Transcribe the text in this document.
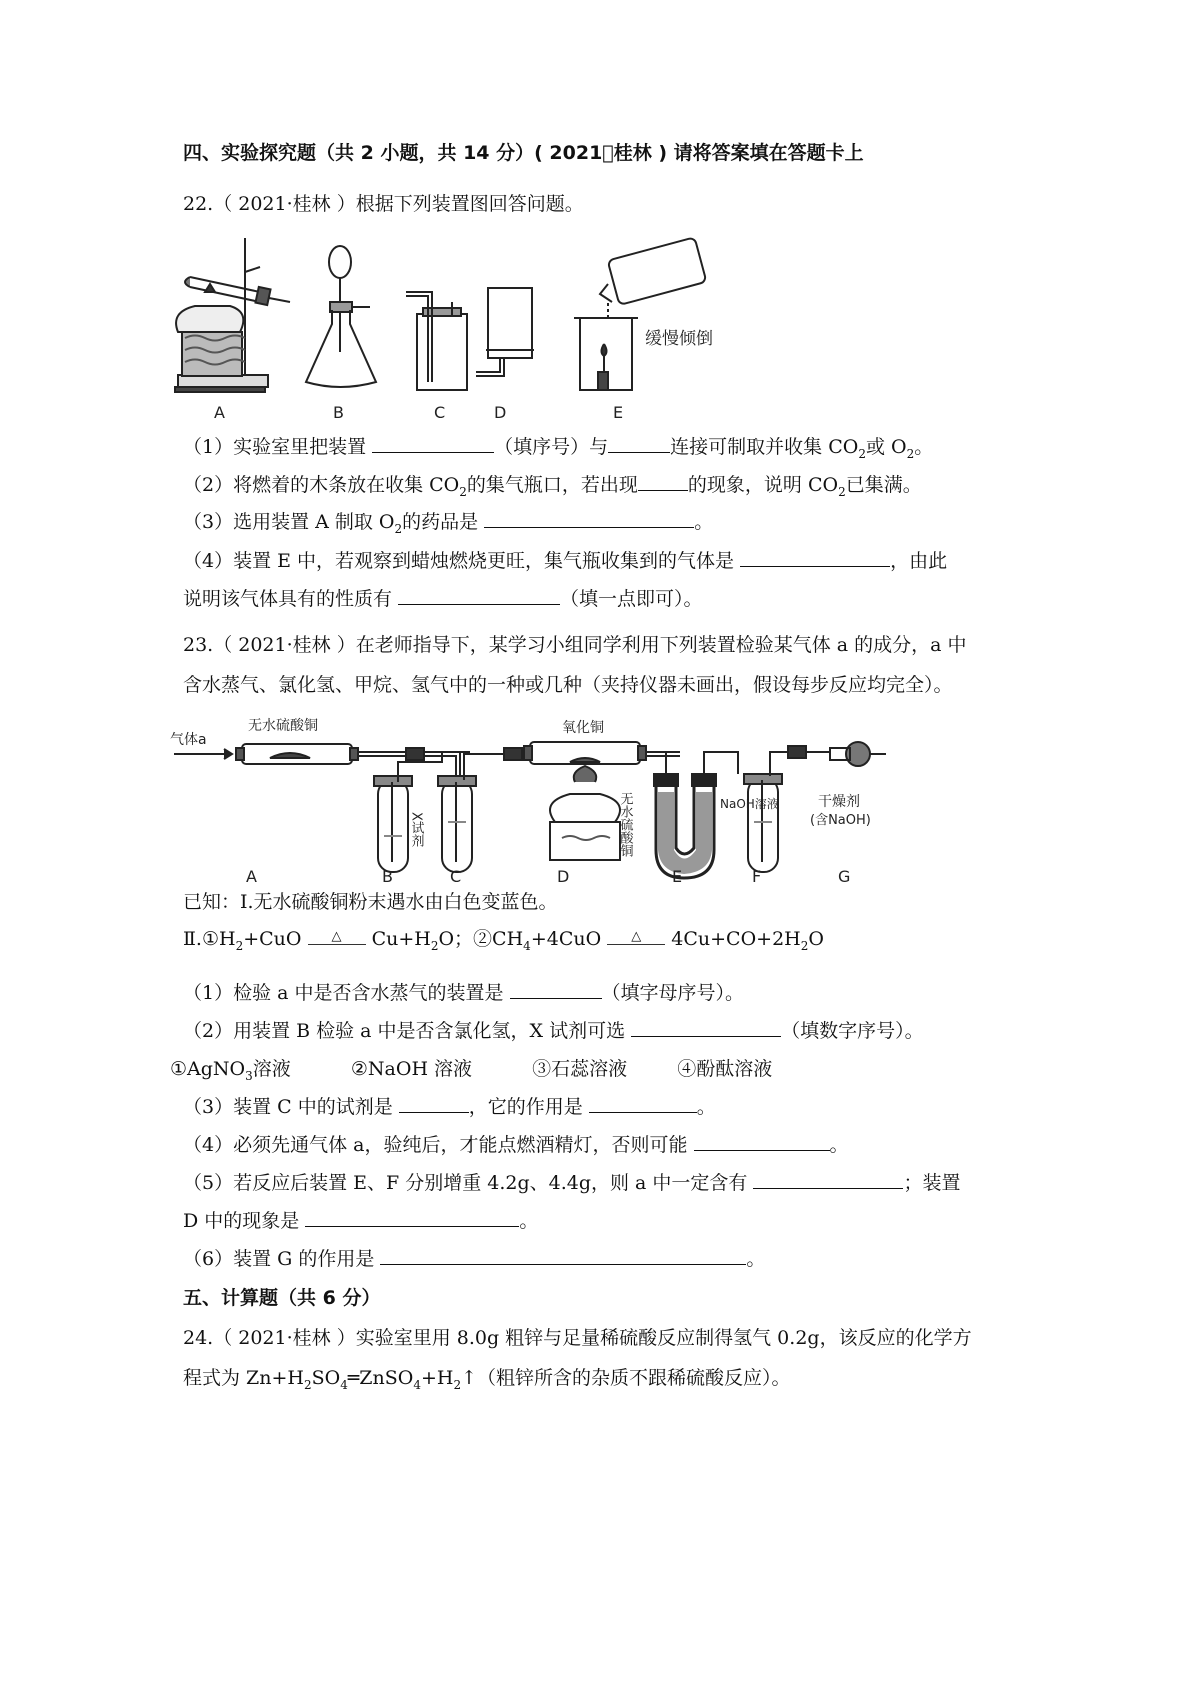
四、实验探究题（共 2 小题，共 14 分）( 2021 桂林 ) 请将答案填在答题卡上
22.（ 2021·桂林 ）根据下列装置图回答问题。
缓慢倾倒
A	B	C	D	E
（1）实验室里把装置	（填序号）与	连接可制取并收集 $CO_2$或 $O_2$。
（2）将燃着的木条放在收集 $CO_2$的集气瓶口，若出现	的现象，说明 $CO_2$已集满。
（3）选用装置 A 制取 $O_2$的药品是	。
（4）装置 E 中，若观察到蜡烛燃烧更旺，集气瓶收集到的气体是	，由此
说明该气体具有的性质有	（填一点即可）。
23.（ 2021·桂林 ）在老师指导下，某学习小组同学利用下列装置检验某气体 a 的成分，a 中
含水蒸气、氯化氢、甲烷、氢气中的一种或几种（夹持仪器未画出，假设每步反应均完全）。
气体a
无水硫酸铜
X试剂
氧化铜
无水硫酸铜	NaOH溶液	干燥剂
(含NaOH)
A	B	C	D	E	F	G
已知：Ⅰ.无水硫酸铜粉末遇水由白色变蓝色。
$Ⅱ.①H_2+CuO$	△	$Cu+H_2O$；$②CH_4+4CuO$	△	$4Cu+CO+2H_2O$
（1）检验 a 中是否含水蒸气的装置是	（填字母序号）。
（2）用装置 B 检验 a 中是否含氯化氢，X 试剂可选	（填数字序号）。
①AgNO$_3$溶液	②NaOH 溶液	③石蕊溶液	④酚酞溶液
（3）装置 C 中的试剂是	，它的作用是	。
（4）必须先通气体 a，验纯后，才能点燃酒精灯，否则可能	。
（5）若反应后装置 E、F 分别增重 4.2g、4.4g，则 a 中一定含有	；装置
D 中的现象是	。
（6）装置 G 的作用是	。
五、计算题（共 6 分）
24.（ 2021·桂林 ）实验室里用 8.0g 粗锌与足量稀硫酸反应制得氢气 0.2g，该反应的化学方
程式为 $Zn+H_2SO_4═ZnSO_4+H_2↑$（粗锌所含的杂质不跟稀硫酸反应）。
